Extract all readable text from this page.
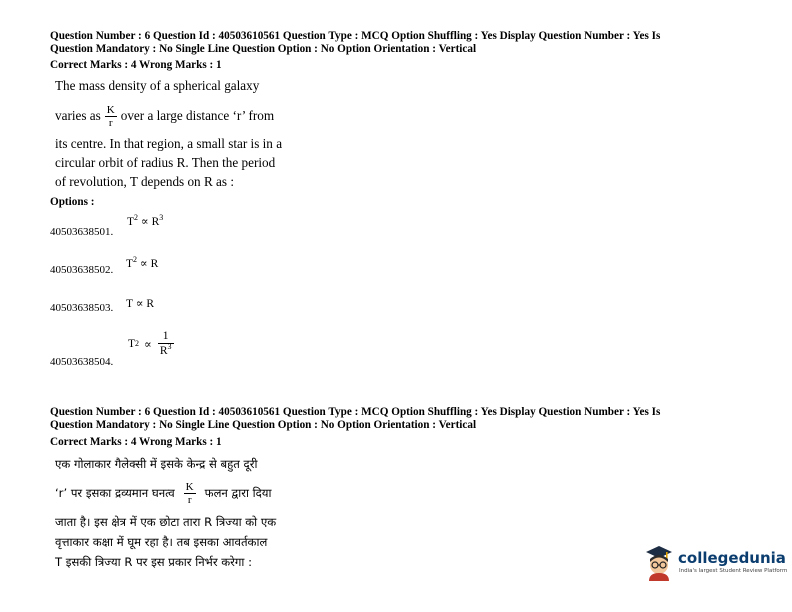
Question Number : 6 Question Id : 40503610561 Question Type : MCQ Option Shuffling : Yes Display Question Number : Yes Is
Question Mandatory : No Single Line Question Option : No Option Orientation : Vertical
Correct Marks : 4 Wrong Marks : 1
The mass density of a spherical galaxy
varies as $\frac{K}{r}$ over a large distance ‘r’ from
its centre. In that region, a small star is in a
circular orbit of radius R. Then the period
of revolution, T depends on R as :
Options :
40503638501.
$T^2 \propto R^3$
40503638502. $T^2 \propto R$
40503638503. T ∝ R
40503638504.
T $2 \propto \frac{1}{R^3}$
Question Number : 6 Question Id : 40503610561 Question Type : MCQ Option Shuffling : Yes Display Question Number : Yes Is
Question Mandatory : No Single Line Question Option : No Option Orientation : Vertical
Correct Marks : 4 Wrong Marks : 1
एक गोलाकार गैलेक्सी में इसके केन्द्र से बहुत दूरी
‘r’ पर इसका द्रव्यमान घनत्व $\frac{K}{r}$ फलन द्वारा दिया
जाता है। इस क्षेत्र में एक छोटा तारा R त्रिज्या को एक
वृत्ताकार कक्षा में घूम रहा है। तब इसका आवर्तकाल
T इसकी त्रिज्या R पर इस प्रकार निर्भर करेगा :	collegedunia
India's largest Student Review Platform
